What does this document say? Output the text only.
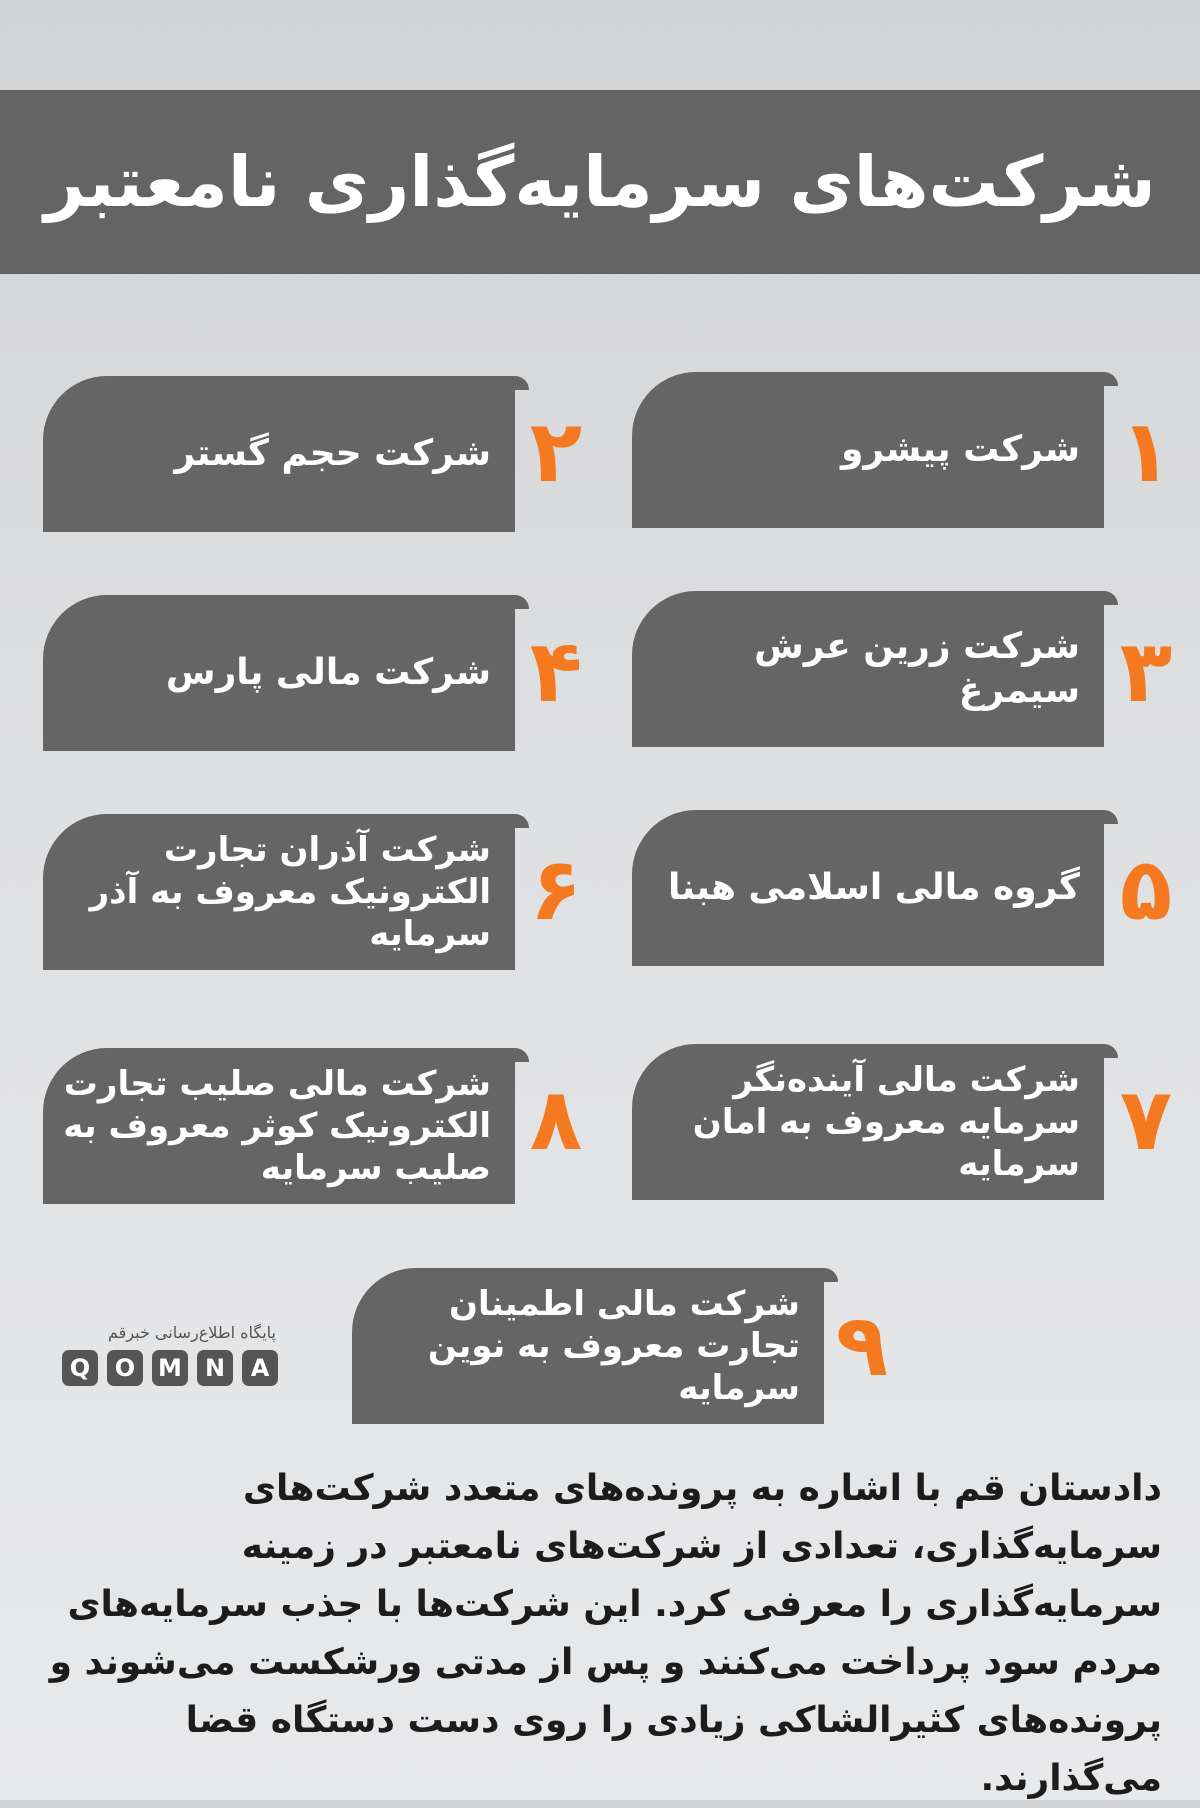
شرکت‌های سرمایه‌گذاری نامعتبر
شرکت پیشرو ۱
شرکت حجم گستر ۲
شرکت زرین عرش سیمرغ ۳
شرکت مالی پارس ۴
گروه مالی اسلامی هبنا ۵
شرکت آذران تجارت الکترونیک معروف به آذر سرمایه ۶
شرکت مالی آینده‌نگر سرمایه معروف به امان سرمایه ۷
شرکت مالی صلیب تجارت الکترونیک کوثر معروف به صلیب سرمایه ۸
شرکت مالی اطمینان تجارت معروف به نوین سرمایه ۹
پایگاه اطلاع‌رسانی خبرقم
Q	O M N	A
دادستان قم با اشاره به پرونده‌های متعدد شرکت‌های سرمایه‌گذاری، تعدادی از شرکت‌های نامعتبر در زمینه سرمایه‌گذاری را معرفی کرد. این شرکت‌ها با جذب سرمایه‌های مردم سود پرداخت می‌کنند و پس از مدتی ورشکست می‌شوند و پرونده‌های کثیرالشاکی زیادی را روی دست دستگاه قضا می‌گذارند.
